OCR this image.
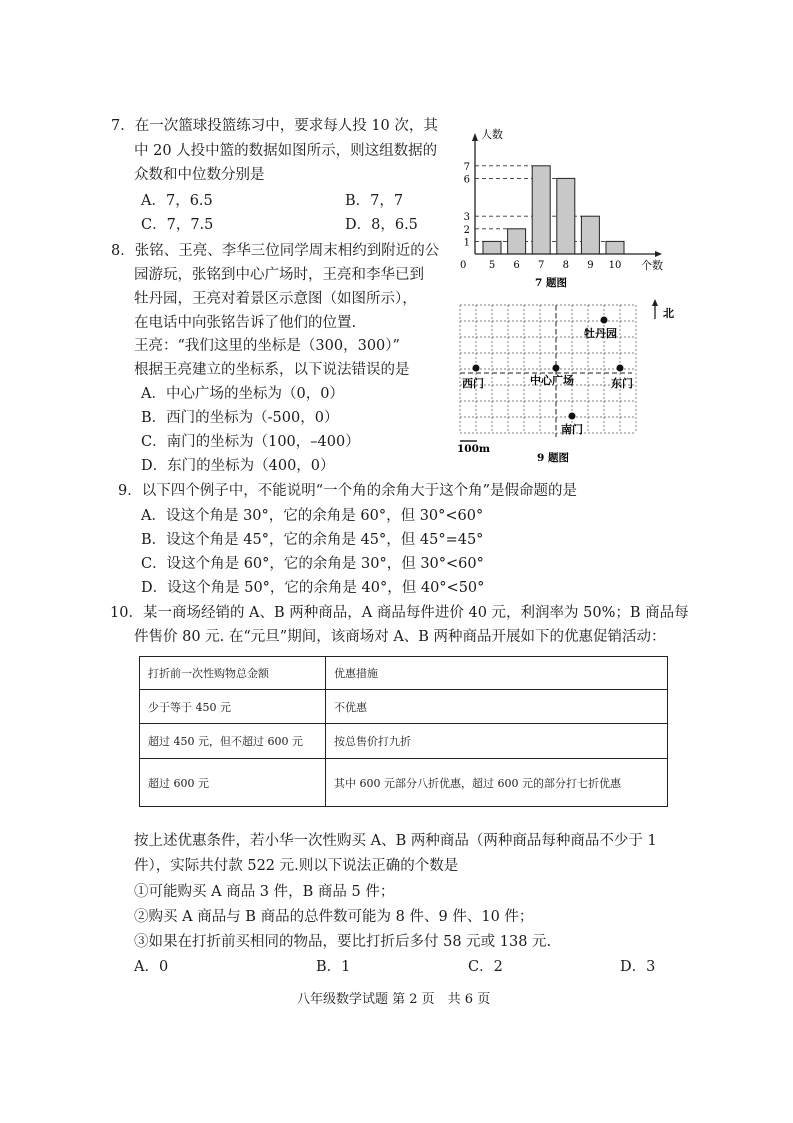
7．在一次篮球投篮练习中，要求每人投 10 次，其
中 20 人投中篮的数据如图所示，则这组数据的
众数和中位数分别是
A．7，6.5	B．7，7
C．7，7.5	D．8，6.5
人数
个数
0
1
2
3
6
7
5 6 7 8 9 10
7 题图
8．张铭、王亮、李华三位同学周末相约到附近的公
园游玩，张铭到中心广场时，王亮和李华已到
牡丹园，王亮对着景区示意图（如图所示），
在电话中向张铭告诉了他们的位置.
王亮：“我们这里的坐标是（300，300）”
根据王亮建立的坐标系，以下说法错误的是
A．中心广场的坐标为（0，0）
B．西门的坐标为（-500，0）
C．南门的坐标为（100，–400）
D．东门的坐标为（400，0）
牡丹园
西门	中心广场	东门
南门
北
100m
9 题图
9．以下四个例子中，不能说明“一个角的余角大于这个角”是假命题的是
A．设这个角是 30°，它的余角是 60°，但 30°<60°
B．设这个角是 45°，它的余角是 45°，但 45°=45°
C．设这个角是 60°，它的余角是 30°，但 30°<60°
D．设这个角是 50°，它的余角是 40°，但 40°<50°
10．某一商场经销的 A、B 两种商品，A 商品每件进价 40 元，利润率为 50%；B 商品每
件售价 80 元. 在“元旦”期间，该商场对 A、B 两种商品开展如下的优惠促销活动：
打折前一次性购物总金额	优惠措施
少于等于 450 元	不优惠
超过 450 元，但不超过 600 元	按总售价打九折
超过 600 元	其中 600 元部分八折优惠，超过 600 元的部分打七折优惠
按上述优惠条件，若小华一次性购买 A、B 两种商品（两种商品每种商品不少于 1
件），实际共付款 522 元.则以下说法正确的个数是
①可能购买 A 商品 3 件，B 商品 5 件；
②购买 A 商品与 B 商品的总件数可能为 8 件、9 件、10 件；
③如果在打折前买相同的物品，要比打折后多付 58 元或 138 元.
A．0	B．1	C．2	D．3
八年级数学试题 第 2 页　共 6 页
